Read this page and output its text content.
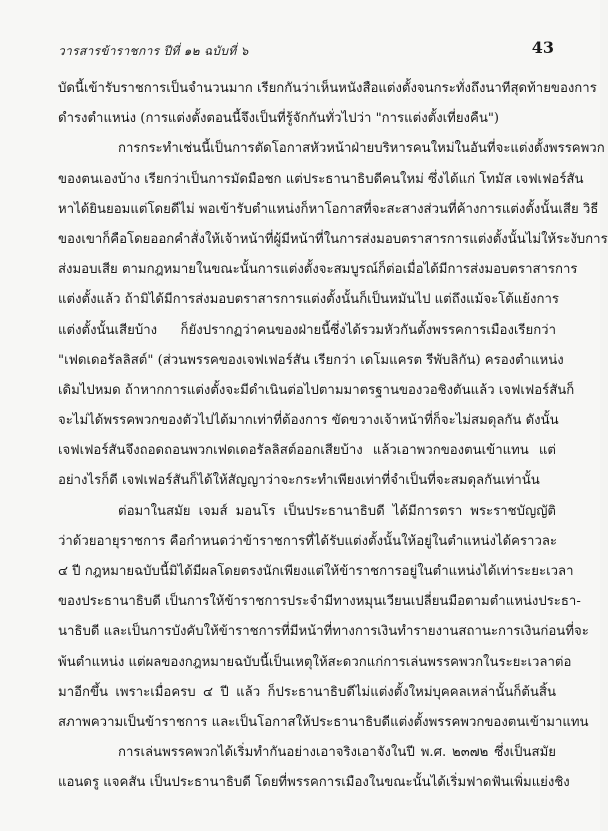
วารสารข้าราชการ ปีที่ ๑๒ ฉบับที่ ๖	43
บัดนี้เข้ารับราชการเป็นจำนวนมาก เรียกกันว่าเห็นหนังสือแต่งตั้งจนกระทั่งถึงนาทีสุดท้ายของการ
ดำรงตำแหน่ง (การแต่งตั้งตอนนี้จึงเป็นที่รู้จักกันทั่วไปว่า "การแต่งตั้งเที่ยงคืน")
การกระทำเช่นนี้เป็นการตัดโอกาสหัวหน้าฝ่ายบริหารคนใหม่ในอันที่จะแต่งตั้งพรรคพวก
ของตนเองบ้าง เรียกว่าเป็นการมัดมือชก แต่ประธานาธิบดีคนใหม่ ซึ่งได้แก่ โทมัส เจฟเฟอร์สัน
หาได้ยินยอมแต่โดยดีไม่ พอเข้ารับตำแหน่งก็หาโอกาสที่จะสะสางส่วนที่ค้างการแต่งตั้งนั้นเสีย วิธี
ของเขาก็คือโดยออกคำสั่งให้เจ้าหน้าที่ผู้มีหน้าที่ในการส่งมอบตราสารการแต่งตั้งนั้นไม่ให้ระงับการ
ส่งมอบเสีย ตามกฎหมายในขณะนั้นการแต่งตั้งจะสมบูรณ์ก็ต่อเมื่อได้มีการส่งมอบตราสารการ
แต่งตั้งแล้ว ถ้ามิได้มีการส่งมอบตราสารการแต่งตั้งนั้นก็เป็นหมันไป แต่ถึงแม้จะโต้แย้งการ
แต่งตั้งนั้นเสียบ้าง ก็ยังปรากฏว่าคนของฝ่ายนี้ซึ่งได้รวมหัวกันตั้งพรรคการเมืองเรียกว่า
"เฟดเดอรัลลิสต์" (ส่วนพรรคของเจฟเฟอร์สัน เรียกว่า เดโมแครต รีพับลิกัน) ครองตำแหน่ง
เดิมไปหมด ถ้าหากการแต่งตั้งจะมีดำเนินต่อไปตามมาตรฐานของวอชิงตันแล้ว เจฟเฟอร์สันก็
จะไม่ได้พรรคพวกของตัวไปได้มากเท่าที่ต้องการ ขัดขวางเจ้าหน้าที่ก็จะไม่สมดุลกัน ดังนั้น
เจฟเฟอร์สันจึงถอดถอนพวกเฟดเดอรัลลิสต์ออกเสียบ้าง แล้วเอาพวกของตนเข้าแทน แต่
อย่างไรก็ดี เจฟเฟอร์สันก็ได้ให้สัญญาว่าจะกระทำเพียงเท่าที่จำเป็นที่จะสมดุลกันเท่านั้น
ต่อมาในสมัย เจมส์ มอนโร เป็นประธานาธิบดี ได้มีการตรา พระราชบัญญัติ
ว่าด้วยอายุราชการ คือกำหนดว่าข้าราชการที่ได้รับแต่งตั้งนั้นให้อยู่ในตำแหน่งได้คราวละ
๔ ปี กฎหมายฉบับนี้มิได้มีผลโดยตรงนักเพียงแต่ให้ข้าราชการอยู่ในตำแหน่งได้เท่าระยะเวลา
ของประธานาธิบดี เป็นการให้ข้าราชการประจำมีทางหมุนเวียนเปลี่ยนมือตามตำแหน่งประธา-
นาธิบดี และเป็นการบังคับให้ข้าราชการที่มีหน้าที่ทางการเงินทำรายงานสถานะการเงินก่อนที่จะ
พ้นตำแหน่ง แต่ผลของกฎหมายฉบับนี้เป็นเหตุให้สะดวกแก่การเล่นพรรคพวกในระยะเวลาต่อ
มาอีกขึ้น เพราะเมื่อครบ ๔ ปี แล้ว ก็ประธานาธิบดีไม่แต่งตั้งใหม่บุคคลเหล่านั้นก็ต้นสิ้น
สภาพความเป็นข้าราชการ และเป็นโอกาสให้ประธานาธิบดีแต่งตั้งพรรคพวกของตนเข้ามาแทน
การเล่นพรรคพวกได้เริ่มทำกันอย่างเอาจริงเอาจังในปี พ.ศ. ๒๓๗๒ ซึ่งเป็นสมัย
แอนดรู แจคสัน เป็นประธานาธิบดี โดยที่พรรคการเมืองในขณะนั้นได้เริ่มฟาดฟันเพิ่มแย่งชิง
